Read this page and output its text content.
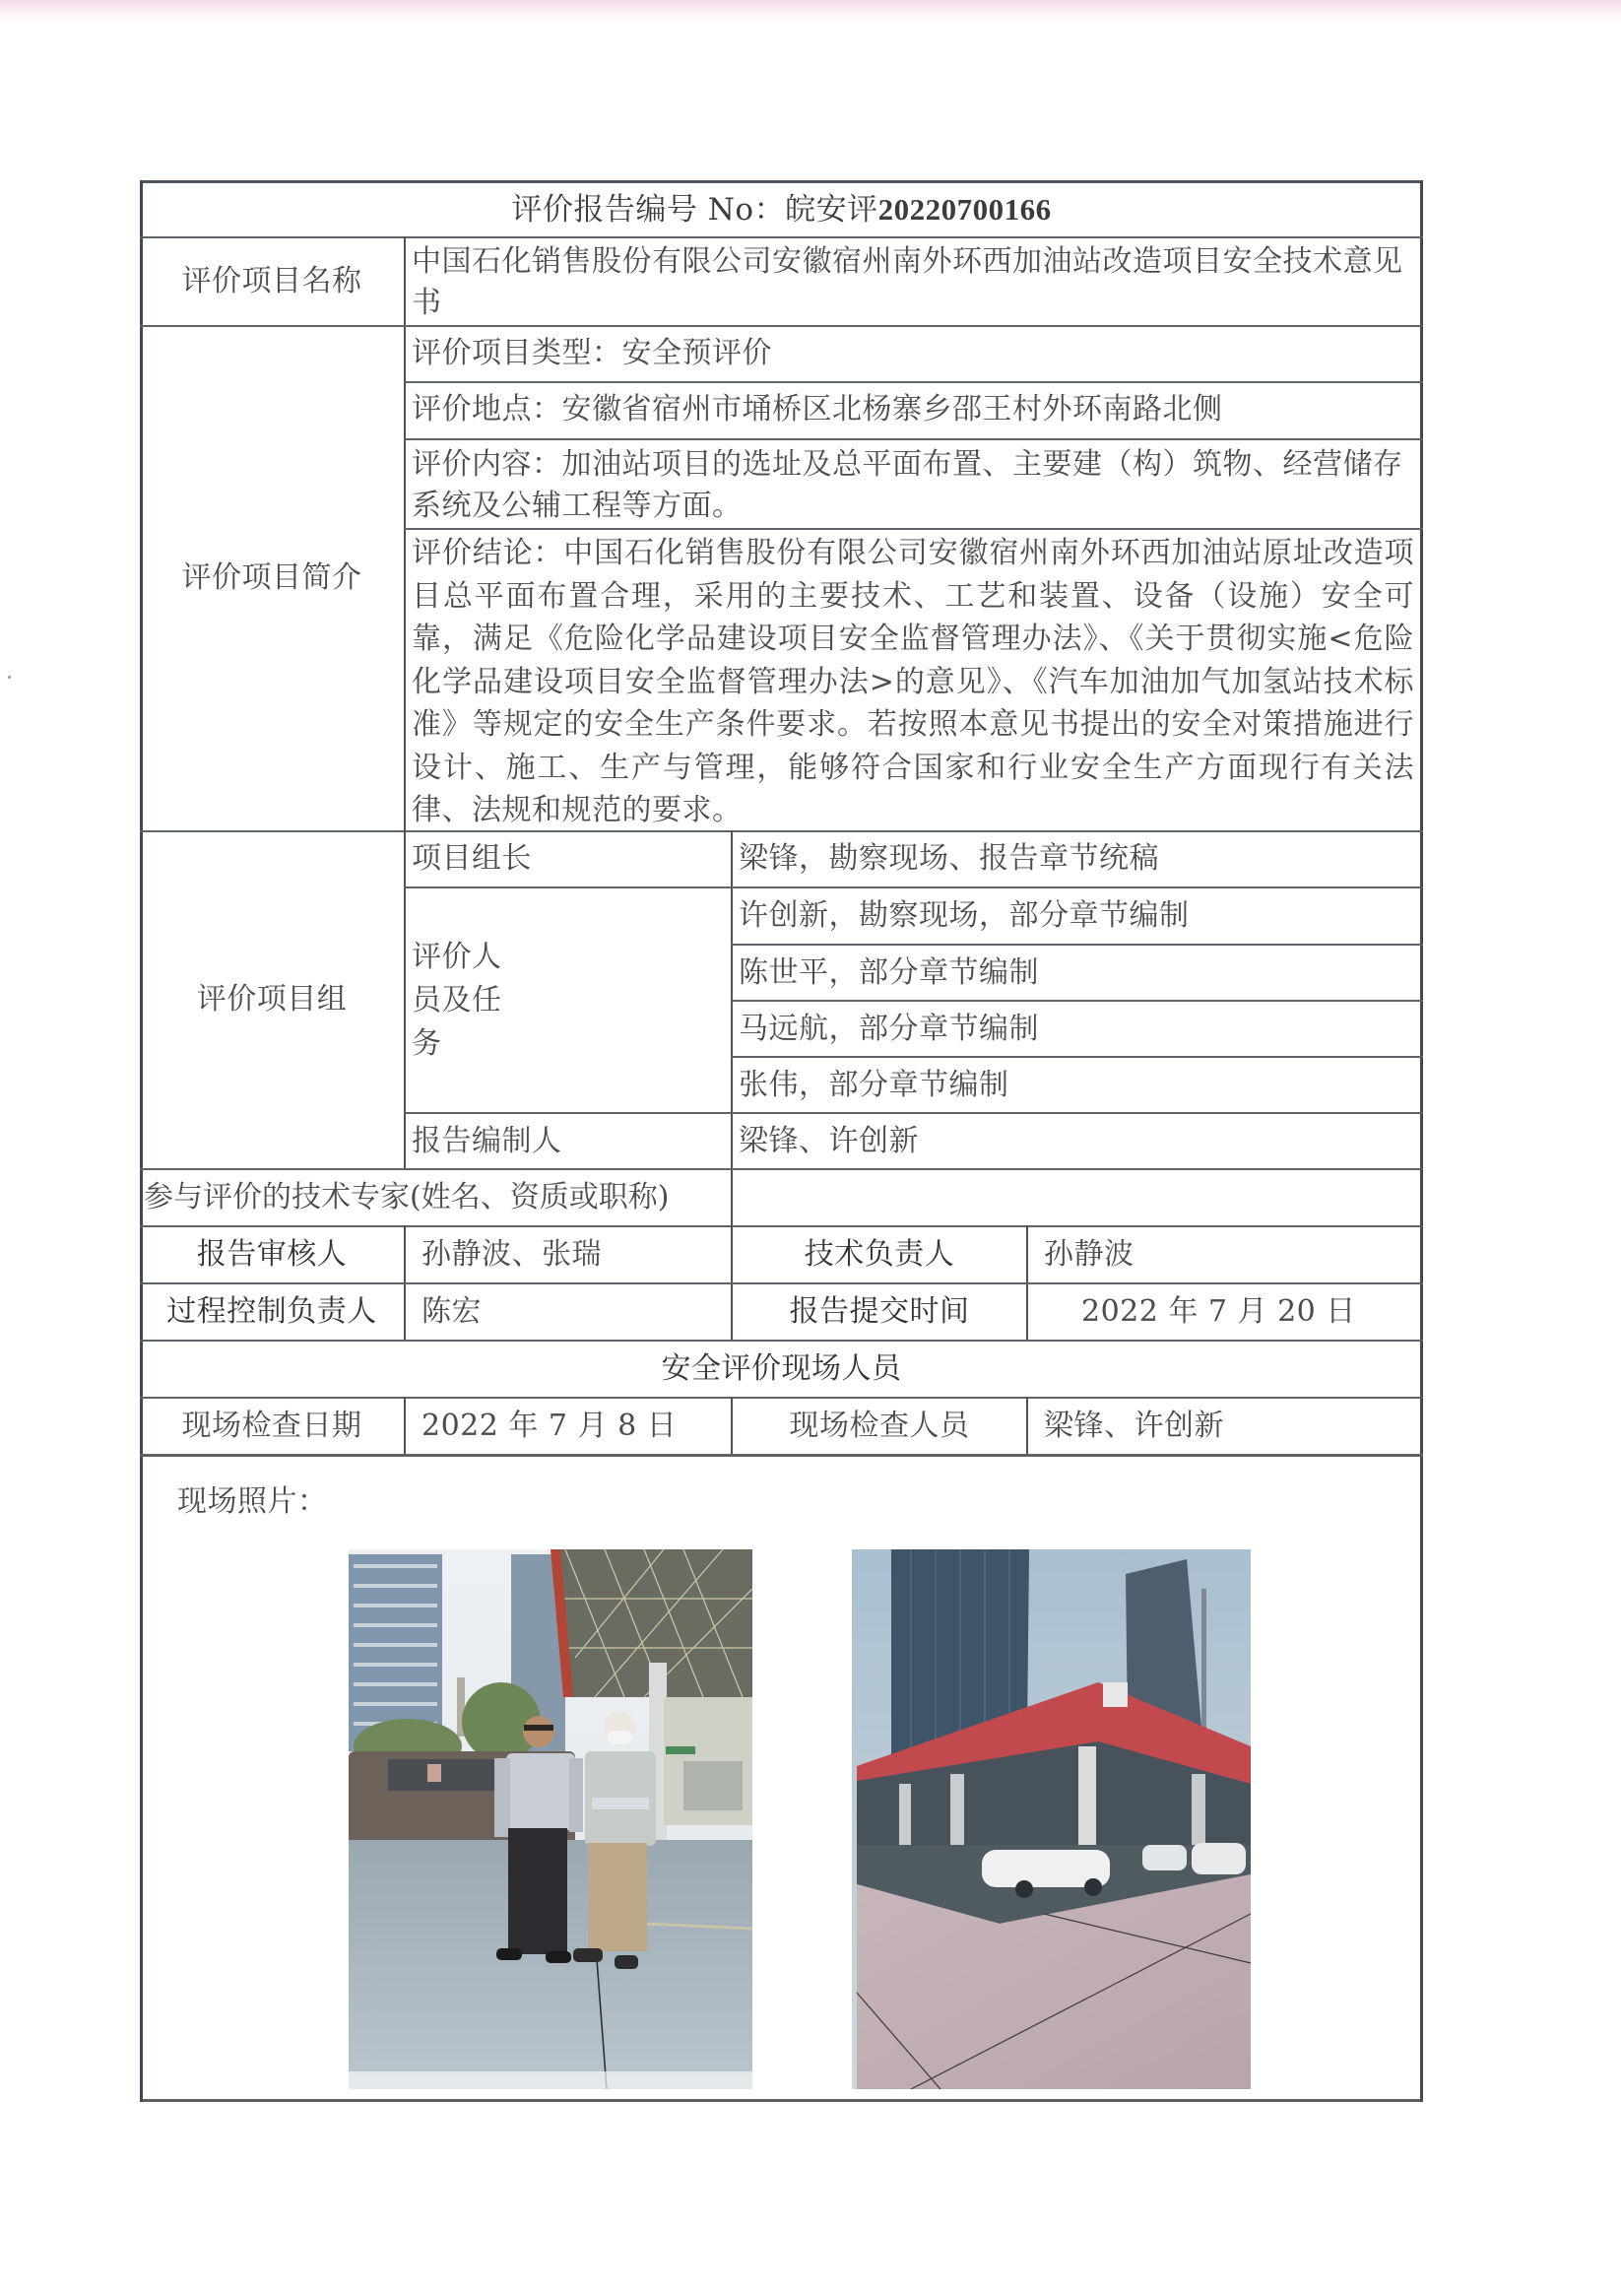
评价报告编号 No：皖安评 20220700166
评价项目名称
中国石化销售股份有限公司安徽宿州南外环西加油站改造项目安全技术意见书
评价项目简介
评价项目类型：安全预评价
评价地点：安徽省宿州市埇桥区北杨寨乡邵王村外环南路北侧
评价内容：加油站项目的选址及总平面布置、主要建（构）筑物、经营储存系统及公辅工程等方面。
评价结论：中国石化销售股份有限公司安徽宿州南外环西加油站原址改造项目总平面布置合理，采用的主要技术、工艺和装置、设备（设施）安全可靠，满足《危险化学品建设项目安全监督管理办法》、《关于贯彻实施<危险化学品建设项目安全监督管理办法>的意见》、《汽车加油加气加氢站技术标准》等规定的安全生产条件要求。若按照本意见书提出的安全对策措施进行设计、施工、生产与管理，能够符合国家和行业安全生产方面现行有关法律、法规和规范的要求。
评价项目组
项目组长	梁锋，勘察现场、报告章节统稿
评价人员及任务
许创新，勘察现场，部分章节编制
陈世平，部分章节编制
马远航，部分章节编制
张伟，部分章节编制
报告编制人	梁锋、许创新
参与评价的技术专家(姓名、资质或职称)
报告审核人	孙静波、张瑞	技术负责人	孙静波
过程控制负责人	陈宏	报告提交时间	2022 年 7 月 20 日
安全评价现场人员
现场检查日期	2022 年 7 月 8 日	现场检查人员	梁锋、许创新
现场照片：
